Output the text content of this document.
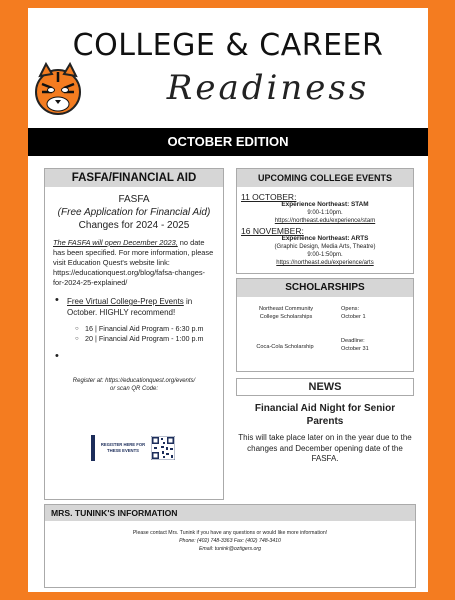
COLLEGE & CAREER
Readiness
OCTOBER EDITION
FASFA/FINANCIAL AID
FASFA
(Free Application for Financial Aid)
Changes for 2024 - 2025
The FASFA will open December 2023, no date has been specified. For more information, please visit Education Quest's website link: https://educationquest.org/blog/fafsa-changes-for-2024-25-explained/
• Free Virtual College-Prep Events in October. HIGHLY recommend!
○ 16 | Financial Aid Program - 6:30 p.m
○ 20 | Financial Aid Program - 1:00 p.m
•
Register at: https://educationquest.org/events/
or scan QR Code:
REGISTER HERE FOR THESE EVENTS
UPCOMING COLLEGE EVENTS
11 OCTOBER:
Experience Northeast: STAM
9:00-1:10pm.
https://northeast.edu/experience/stam
16 NOVEMBER:
Experience Northeast: ARTS
(Graphic Design, Media Arts, Theatre)
9:00-1:50pm.
https://northeast.edu/experience/arts
SCHOLARSHIPS
Northeast Community College Scholarships
Opens:
October 1
Coca-Cola Scholarship
Deadline:
October 31
NEWS
Financial Aid Night for Senior Parents
This will take place later on in the year due to the changes and December opening date of the FASFA.
MRS. TUNINK'S INFORMATION
Please contact Mrs. Tunink if you have any questions or would like more information!
Phone: (402) 748-3363 Fax: (402) 748-3410
Email: tunink@oztigers.org
